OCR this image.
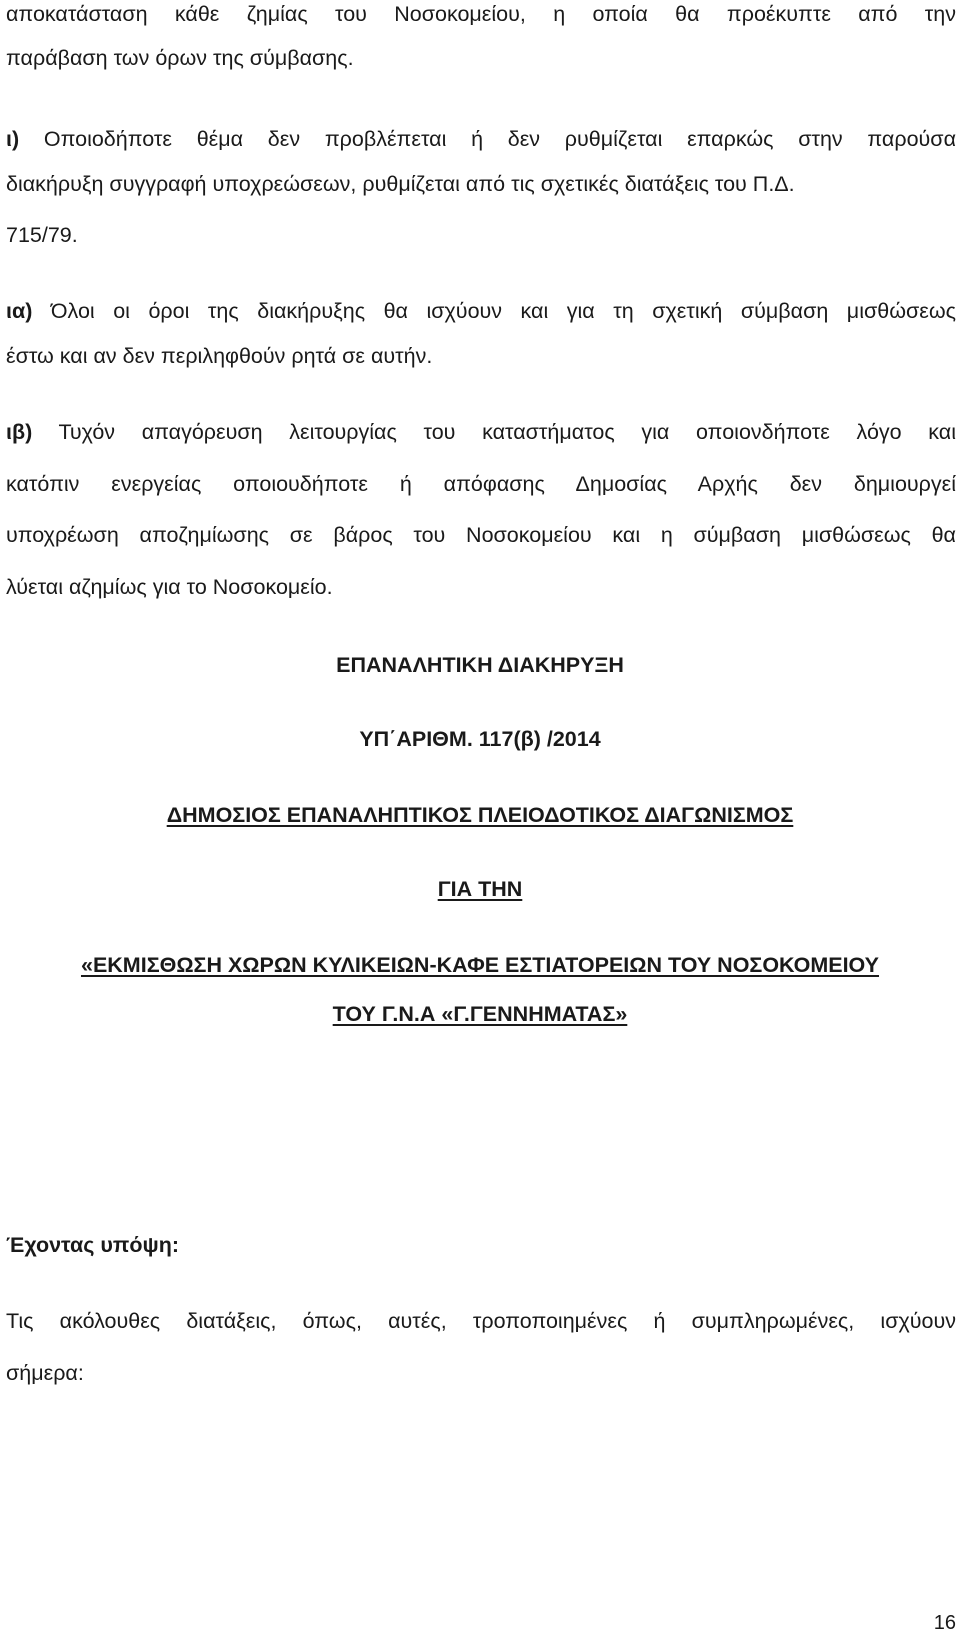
αποκατάσταση κάθε ζημίας του Νοσοκομείου, η οποία θα προέκυπτε από την
παράβαση των όρων της σύμβασης.
ι) Οποιοδήποτε θέμα δεν προβλέπεται ή δεν ρυθμίζεται επαρκώς στην παρούσα
διακήρυξη συγγραφή υποχρεώσεων, ρυθμίζεται από τις σχετικές διατάξεις του Π.Δ.
715/79.
ια) Όλοι οι όροι της διακήρυξης θα ισχύουν και για τη σχετική σύμβαση μισθώσεως
έστω και αν δεν περιληφθούν ρητά σε αυτήν.
ιβ) Τυχόν απαγόρευση λειτουργίας του καταστήματος για οποιονδήποτε λόγο και
κατόπιν ενεργείας οποιουδήποτε ή απόφασης Δημοσίας Αρχής δεν δημιουργεί
υποχρέωση αποζημίωσης σε βάρος του Νοσοκομείου και η σύμβαση μισθώσεως θα
λύεται αζημίως για το Νοσοκομείο.
ΕΠΑΝΑΛΗΤΙΚΗ ΔΙΑΚΗΡΥΞΗ
ΥΠ΄ΑΡΙΘΜ. 117(β) /2014
ΔΗΜΟΣΙΟΣ ΕΠΑΝΑΛΗΠΤΙΚΟΣ ΠΛΕΙΟΔΟΤΙΚΟΣ ΔΙΑΓΩΝΙΣΜΟΣ
ΓΙΑ ΤΗΝ
«ΕΚΜΙΣΘΩΣΗ ΧΩΡΩΝ ΚΥΛΙΚΕΙΩΝ-ΚΑΦΕ ΕΣΤΙΑΤΟΡΕΙΩΝ ΤΟΥ ΝΟΣΟΚΟΜΕΙΟΥ
ΤΟΥ Γ.Ν.Α «Γ.ΓΕΝΝΗΜΑΤΑΣ»
Έχοντας υπόψη:
Τις ακόλουθες διατάξεις, όπως, αυτές, τροποποιημένες ή συμπληρωμένες, ισχύουν
σήμερα:
16
